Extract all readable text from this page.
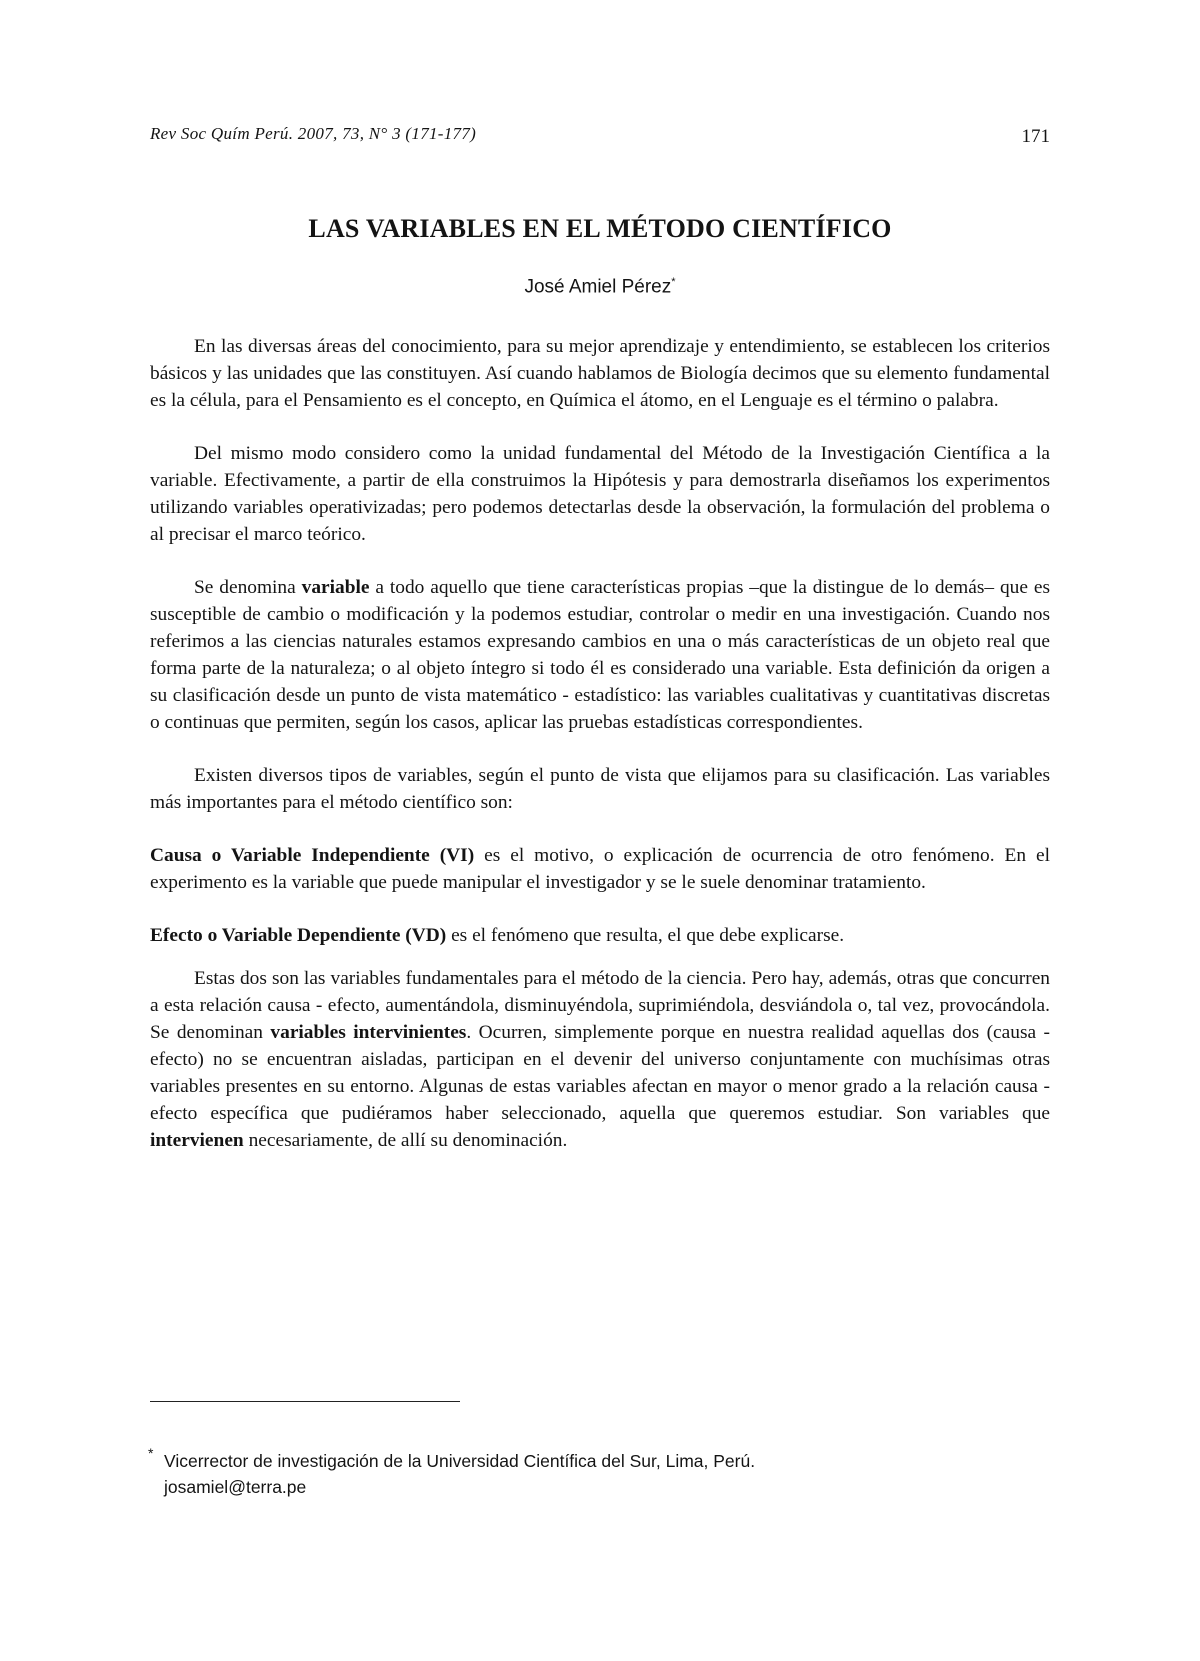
Rev Soc Quím Perú. 2007, 73, N° 3 (171-177)	171
LAS VARIABLES EN EL MÉTODO CIENTÍFICO
José Amiel Pérez*

En las diversas áreas del conocimiento, para su mejor aprendizaje y entendimiento, se establecen los criterios básicos y las unidades que las constituyen. Así cuando hablamos de Biología decimos que su elemento fundamental es la célula, para el Pensamiento es el concepto, en Química el átomo, en el Lenguaje es el término o palabra.

Del mismo modo considero como la unidad fundamental del Método de la Investigación Científica a la variable. Efectivamente, a partir de ella construimos la Hipótesis y para demostrarla diseñamos los experimentos utilizando variables operativizadas; pero podemos detectarlas desde la observación, la formulación del problema o al precisar el marco teórico.

Se denomina variable a todo aquello que tiene características propias –que la distingue de lo demás– que es susceptible de cambio o modificación y la podemos estudiar, controlar o medir en una investigación. Cuando nos referimos a las ciencias naturales estamos expresando cambios en una o más características de un objeto real que forma parte de la naturaleza; o al objeto íntegro si todo él es considerado una variable. Esta definición da origen a su clasificación desde un punto de vista matemático - estadístico: las variables cualitativas y cuantitativas discretas o continuas que permiten, según los casos, aplicar las pruebas estadísticas correspondientes.

Existen diversos tipos de variables, según el punto de vista que elijamos para su clasificación. Las variables más importantes para el método científico son:

Causa o Variable Independiente (VI) es el motivo, o explicación de ocurrencia de otro fenómeno. En el experimento es la variable que puede manipular el investigador y se le suele denominar tratamiento.

Efecto o Variable Dependiente (VD) es el fenómeno que resulta, el que debe explicarse.

Estas dos son las variables fundamentales para el método de la ciencia. Pero hay, además, otras que concurren a esta relación causa - efecto, aumentándola, disminuyéndola, suprimiéndola, desviándola o, tal vez, provocándola. Se denominan variables intervinientes. Ocurren, simplemente porque en nuestra realidad aquellas dos (causa - efecto) no se encuentran aisladas, participan en el devenir del universo conjuntamente con muchísimas otras variables presentes en su entorno. Algunas de estas variables afectan en mayor o menor grado a la relación causa - efecto específica que pudiéramos haber seleccionado, aquella que queremos estudiar. Son variables que intervienen necesariamente, de allí su denominación.

* Vicerrector de investigación de la Universidad Científica del Sur, Lima, Perú.
josamiel@terra.pe
